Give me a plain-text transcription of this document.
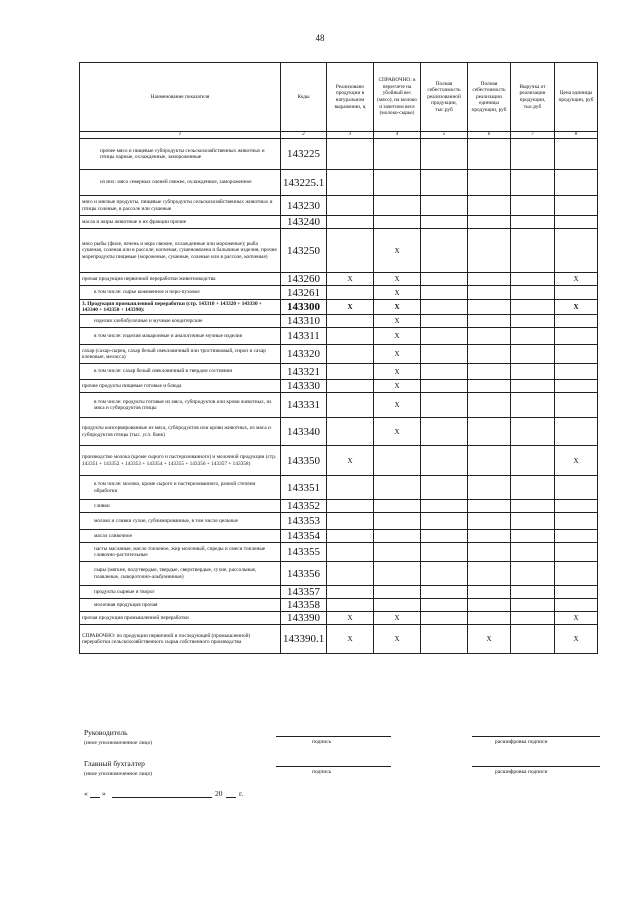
48
Наименование показателя	Коды	Реализовано продукции в натуральном выражении, ц	СПРАВОЧНО: в пересчете на убойный вес (мясо), на молоко и зачетном весе (молоко-сырье)	Полная себестоимость реализованной продукции, тыс.руб	Полная себестоимость реализации единицы продукции, руб	Выручка от реализации продукции, тыс.руб	Цена единицы продукции, руб
1	2	3	4	5	6	7	8
прочее мясо и пищевые субпродукты сельскохозяйственных животных и птицы парные, охлажденные, замороженные	143225						
из них: мясо северных оленей свежее, охлажденное, замороженное	143225.1						
мясо и мясные продукты, пищевые субпродукты сельскохозяйственных животных и птицы соленые, в рассоле или сушеные	143230						
масла и жиры животные и их фракции прочие	143240						
мясо рыбы (филе, печень и икра свежие, охлажденные или мороженые); рыба сушеная, соленая или в рассоле; копченая, сушеновялена и балычные изделия, прочие морепродукты пищевые (мороженые, сушеные, соленые или в рассоле, копченые)	143250		Х				
прочая продукция первичной переработки животноводства	143260	Х	Х				Х
в том числе: сырье кожевенное и перо-пуховое	143261		Х				
3. Продукция промышленной переработки (стр. 143310 + 143320 + 143330 + 143340 + 143350 + 143390):	143300	Х	Х				Х
изделия хлебобулочные и мучные кондитерские	143310		Х				
в том числе: изделия макаронные и аналогичные мучные изделия	143311		Х				
сахар (сахар-сырец, сахар белый свекловичный или тростниковый, сироп и сахар кленовые, меласса)	143320		Х				
в том числе: сахар белый свекловичный в твердом состоянии	143321		Х				
прочие продукты пищевые готовые и блюда	143330		Х				
в том числе: продукты готовые из мяса, субпродуктов или крови животных, из мяса и субпродуктов птицы	143331		Х				
продукты консервированные из мяса, субпродуктов или крови животных, из мяса и субпродуктов птицы (тыс. усл. банк)	143340		Х				
производство молока (кроме сырого и пастеризованного) и молочной продукции (стр. 143351 + 143352 + 143353 + 143354 + 143355 + 143356 + 143357 + 143358)	143350	Х					Х
в том числе: молоко, кроме сырого и пастеризованного, разной степени обработки	143351						
сливки	143352						
молоко и сливки сухие, сублимированные, в том числе цельные	143353						
масло сливочное	143354						
пасты масляные, масло топленое, жир молочный, спреды и смеси топленые сливочно-растительные	143355						
сыры (мягкие, полутвердые, твердые, сверхтвердые, сухие, рассольные, плавленые, сывороточно-альбуминные)	143356						
продукты сырные и творог	143357						
молочная продукция прочая	143358						
прочая продукция промышленной переработки	143390	Х	Х				Х
СПРАВОЧНО: по продукции первичной и последующей (промышленной) переработки сельскохозяйственного сырья собственного производства	143390.1	Х	Х		Х		Х
Руководитель
(иное уполномоченное лицо)	подпись	расшифровка подписи
Главный бухгалтер
(иное уполномоченное лицо)	подпись	расшифровка подписи
« »	20 г.
